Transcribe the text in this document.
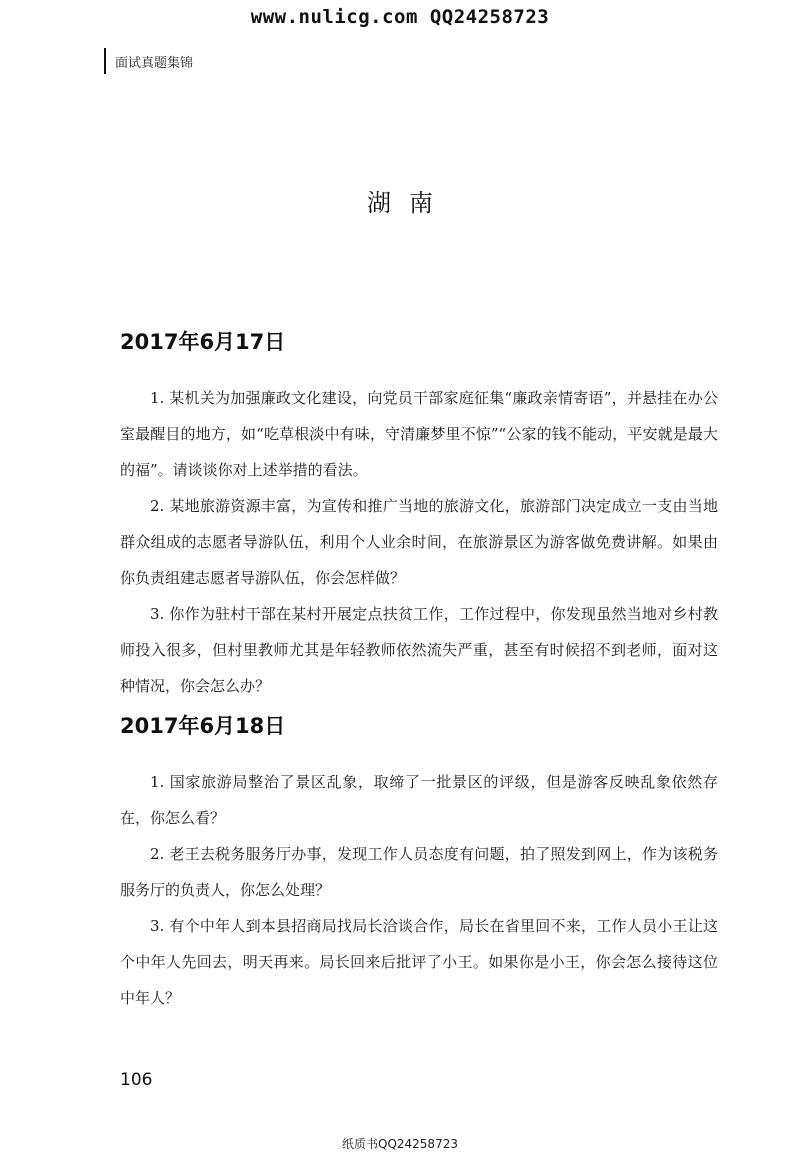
www.nulicg.com QQ24258723
面试真题集锦
湖南
2017年6月17日

1. 某机关为加强廉政文化建设，向党员干部家庭征集“廉政亲情寄语”，并悬挂在办公室最醒目的地方，如“吃草根淡中有味，守清廉梦里不惊”“公家的钱不能动，平安就是最大的福”。请谈谈你对上述举措的看法。

2. 某地旅游资源丰富，为宣传和推广当地的旅游文化，旅游部门决定成立一支由当地群众组成的志愿者导游队伍，利用个人业余时间，在旅游景区为游客做免费讲解。如果由你负责组建志愿者导游队伍，你会怎样做？

3. 你作为驻村干部在某村开展定点扶贫工作，工作过程中，你发现虽然当地对乡村教师投入很多，但村里教师尤其是年轻教师依然流失严重，甚至有时候招不到老师，面对这种情况，你会怎么办？

2017年6月18日

1. 国家旅游局整治了景区乱象，取缔了一批景区的评级，但是游客反映乱象依然存在，你怎么看？

2. 老王去税务服务厅办事，发现工作人员态度有问题，拍了照发到网上，作为该税务服务厅的负责人，你怎么处理？

3. 有个中年人到本县招商局找局长洽谈合作，局长在省里回不来，工作人员小王让这个中年人先回去，明天再来。局长回来后批评了小王。如果你是小王，你会怎么接待这位中年人？

106
纸质书QQ24258723
